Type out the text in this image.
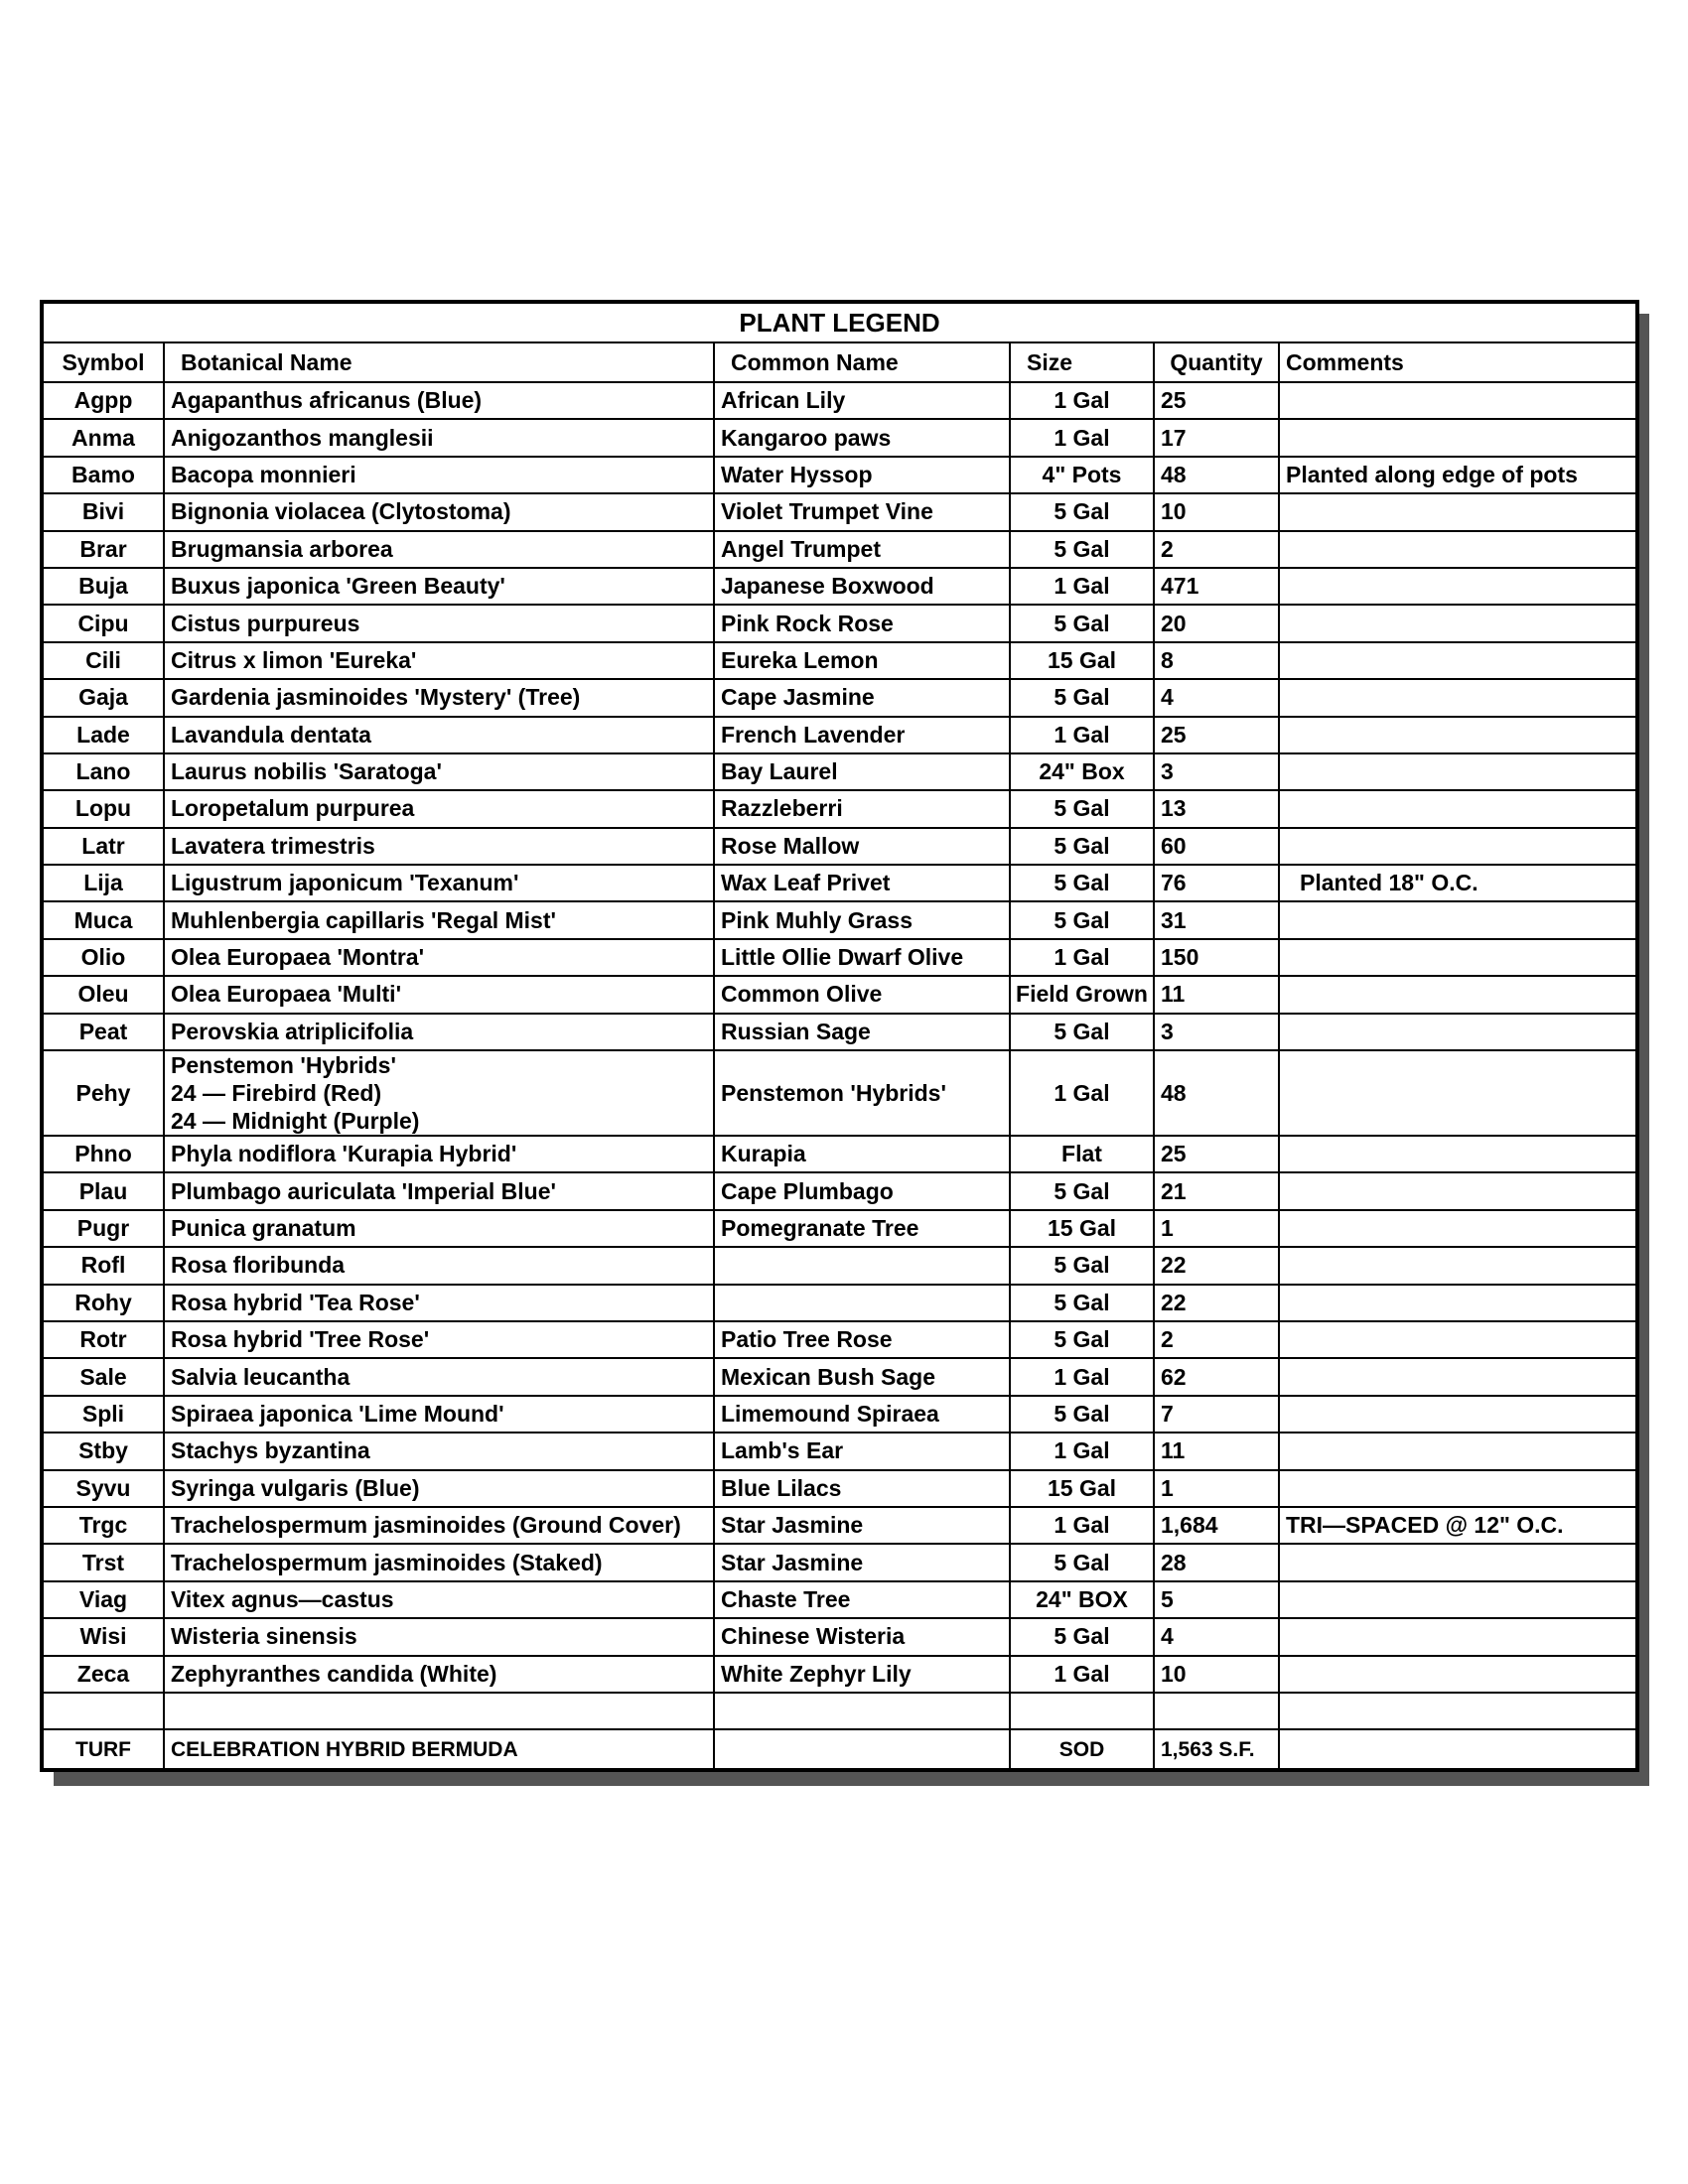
PLANT LEGEND					
Symbol	Botanical Name	Common Name	Size	Quantity	Comments
Agpp	Agapanthus africanus (Blue)	African Lily	1 Gal	25	
Anma	Anigozanthos manglesii	Kangaroo paws	1 Gal	17	
Bamo	Bacopa monnieri	Water Hyssop	4" Pots	48	Planted along edge of pots
Bivi	Bignonia violacea (Clytostoma)	Violet Trumpet Vine	5 Gal	10	
Brar	Brugmansia arborea	Angel Trumpet	5 Gal	2	
Buja	Buxus japonica 'Green Beauty'	Japanese Boxwood	1 Gal	471	
Cipu	Cistus purpureus	Pink Rock Rose	5 Gal	20	
Cili	Citrus x limon 'Eureka'	Eureka Lemon	15 Gal	8	
Gaja	Gardenia jasminoides 'Mystery' (Tree)	Cape Jasmine	5 Gal	4	
Lade	Lavandula dentata	French Lavender	1 Gal	25	
Lano	Laurus nobilis 'Saratoga'	Bay Laurel	24" Box	3	
Lopu	Loropetalum purpurea	Razzleberri	5 Gal	13	
Latr	Lavatera trimestris	Rose Mallow	5 Gal	60	
Lija	Ligustrum japonicum 'Texanum'	Wax Leaf Privet	5 Gal	76	Planted 18" O.C.
Muca	Muhlenbergia capillaris 'Regal Mist'	Pink Muhly Grass	5 Gal	31	
Olio	Olea Europaea 'Montra'	Little Ollie Dwarf Olive	1 Gal	150	
Oleu	Olea Europaea 'Multi'	Common Olive	Field Grown	11	
Peat	Perovskia atriplicifolia	Russian Sage	5 Gal	3	
Pehy	Penstemon 'Hybrids'
24 — Firebird (Red)
24 — Midnight (Purple)	Penstemon 'Hybrids'	1 Gal	48	
Phno	Phyla nodiflora 'Kurapia Hybrid'	Kurapia	Flat	25	
Plau	Plumbago auriculata 'Imperial Blue'	Cape Plumbago	5 Gal	21	
Pugr	Punica granatum	Pomegranate Tree	15 Gal	1	
Rofl	Rosa floribunda		5 Gal	22	
Rohy	Rosa hybrid 'Tea Rose'		5 Gal	22	
Rotr	Rosa hybrid 'Tree Rose'	Patio Tree Rose	5 Gal	2	
Sale	Salvia leucantha	Mexican Bush Sage	1 Gal	62	
Spli	Spiraea japonica 'Lime Mound'	Limemound Spiraea	5 Gal	7	
Stby	Stachys byzantina	Lamb's Ear	1 Gal	11	
Syvu	Syringa vulgaris (Blue)	Blue Lilacs	15 Gal	1	
Trgc	Trachelospermum jasminoides (Ground Cover)	Star Jasmine	1 Gal	1,684	TRI—SPACED @ 12" O.C.
Trst	Trachelospermum jasminoides (Staked)	Star Jasmine	5 Gal	28	
Viag	Vitex agnus—castus	Chaste Tree	24" BOX	5	
Wisi	Wisteria sinensis	Chinese Wisteria	5 Gal	4	
Zeca	Zephyranthes candida (White)	White Zephyr Lily	1 Gal	10	

TURF	CELEBRATION HYBRID BERMUDA		SOD	1,563 S.F.	
